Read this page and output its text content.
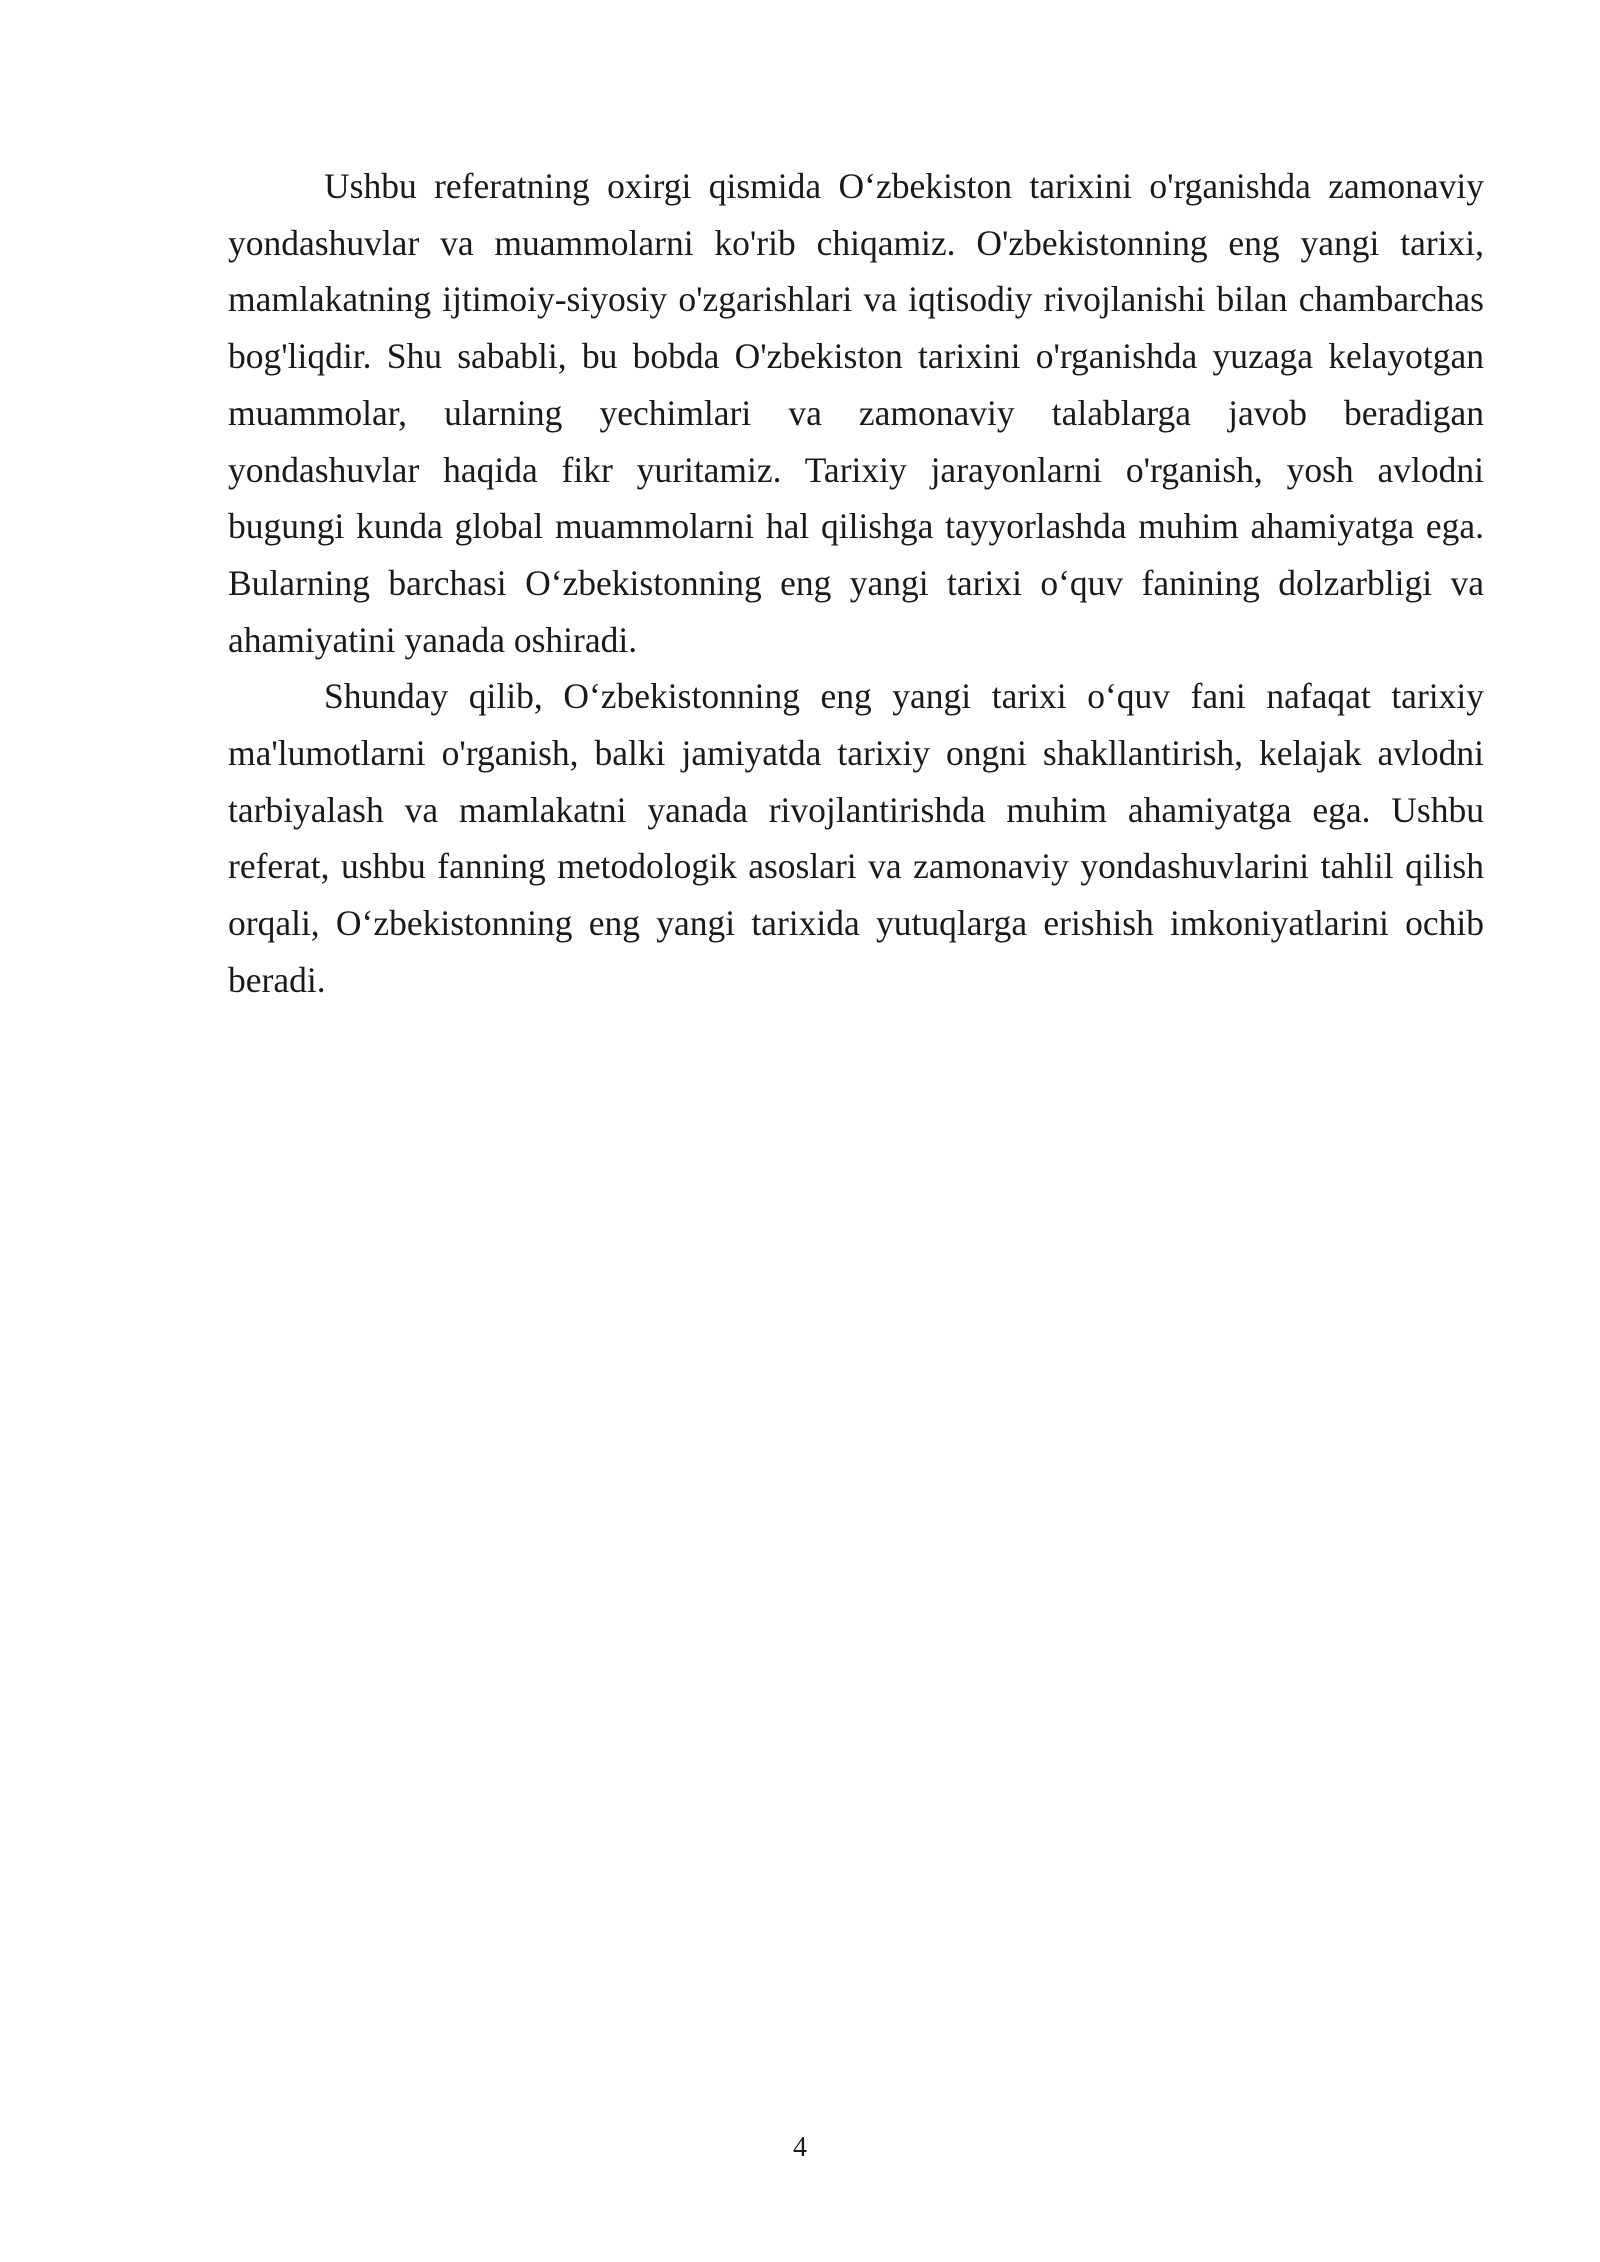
Ushbu referatning oxirgi qismida O‘zbekiston tarixini o'rganishda zamonaviy yondashuvlar va muammolarni ko'rib chiqamiz. O'zbekistonning eng yangi tarixi, mamlakatning ijtimoiy-siyosiy o'zgarishlari va iqtisodiy rivojlanishi bilan chambarchas bog'liqdir. Shu sababli, bu bobda O'zbekiston tarixini o'rganishda yuzaga kelayotgan muammolar, ularning yechimlari va zamonaviy talablarga javob beradigan yondashuvlar haqida fikr yuritamiz. Tarixiy jarayonlarni o'rganish, yosh avlodni bugungi kunda global muammolarni hal qilishga tayyorlashda muhim ahamiyatga ega. Bularning barchasi O‘zbekistonning eng yangi tarixi o‘quv fanining dolzarbligi va ahamiyatini yanada oshiradi.

Shunday qilib, O‘zbekistonning eng yangi tarixi o‘quv fani nafaqat tarixiy ma'lumotlarni o'rganish, balki jamiyatda tarixiy ongni shakllantirish, kelajak avlodni tarbiyalash va mamlakatni yanada rivojlantirishda muhim ahamiyatga ega. Ushbu referat, ushbu fanning metodologik asoslari va zamonaviy yondashuvlarini tahlil qilish orqali, O‘zbekistonning eng yangi tarixida yutuqlarga erishish imkoniyatlarini ochib beradi.

4
